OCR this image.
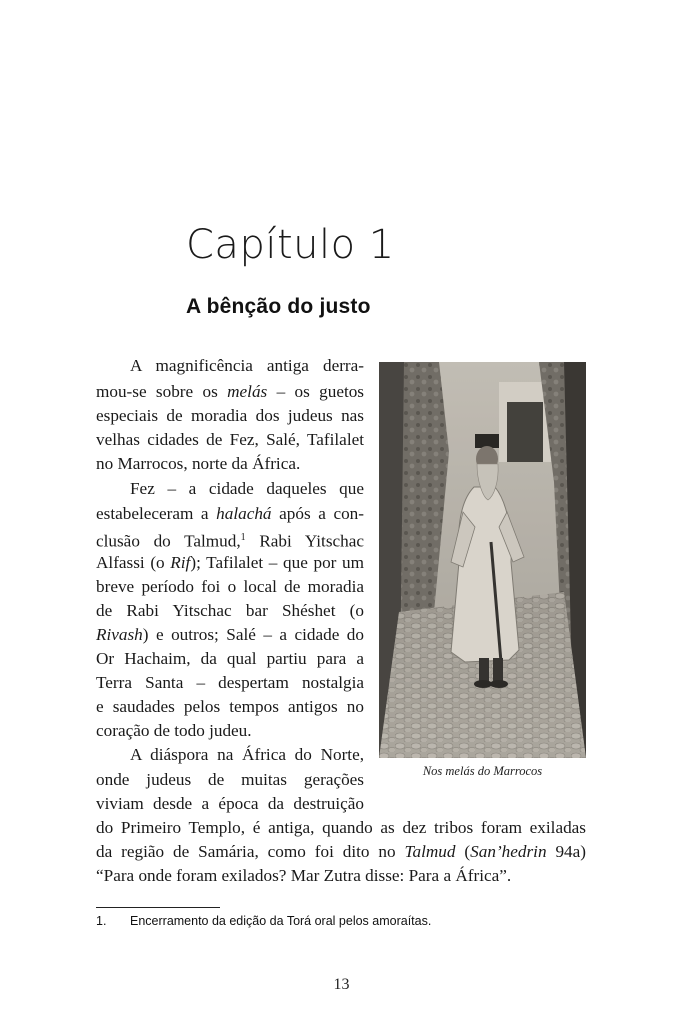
Capítulo 1
A bênção do justo
A magnificência antiga derra-
mou-se sobre os melás – os guetos
especiais de moradia dos judeus nas
velhas cidades de Fez, Salé, Tafilalet
no Marrocos, norte da África.
Fez – a cidade daqueles que
estabeleceram a halachá após a con-
clusão do Talmud,$^1$ Rabi Yitschac
Alfassi (o Rif); Tafilalet – que por um
breve período foi o local de moradia
de Rabi Yitschac bar Shéshet (o
Rivash) e outros; Salé – a cidade do
Or Hachaim, da qual partiu para a
Terra Santa – despertam nostalgia
e saudades pelos tempos antigos no
coração de todo judeu.
A diáspora na África do Norte,
onde judeus de muitas gerações
viviam desde a época da destruição
do Primeiro Templo, é antiga, quando as dez tribos foram exiladas
da região de Samária, como foi dito no Talmud (San’hedrin 94a)
“Para onde foram exilados? Mar Zutra disse: Para a África”.
Nos melás do Marrocos
1. Encerramento da edição da Torá oral pelos amoraítas.
13
